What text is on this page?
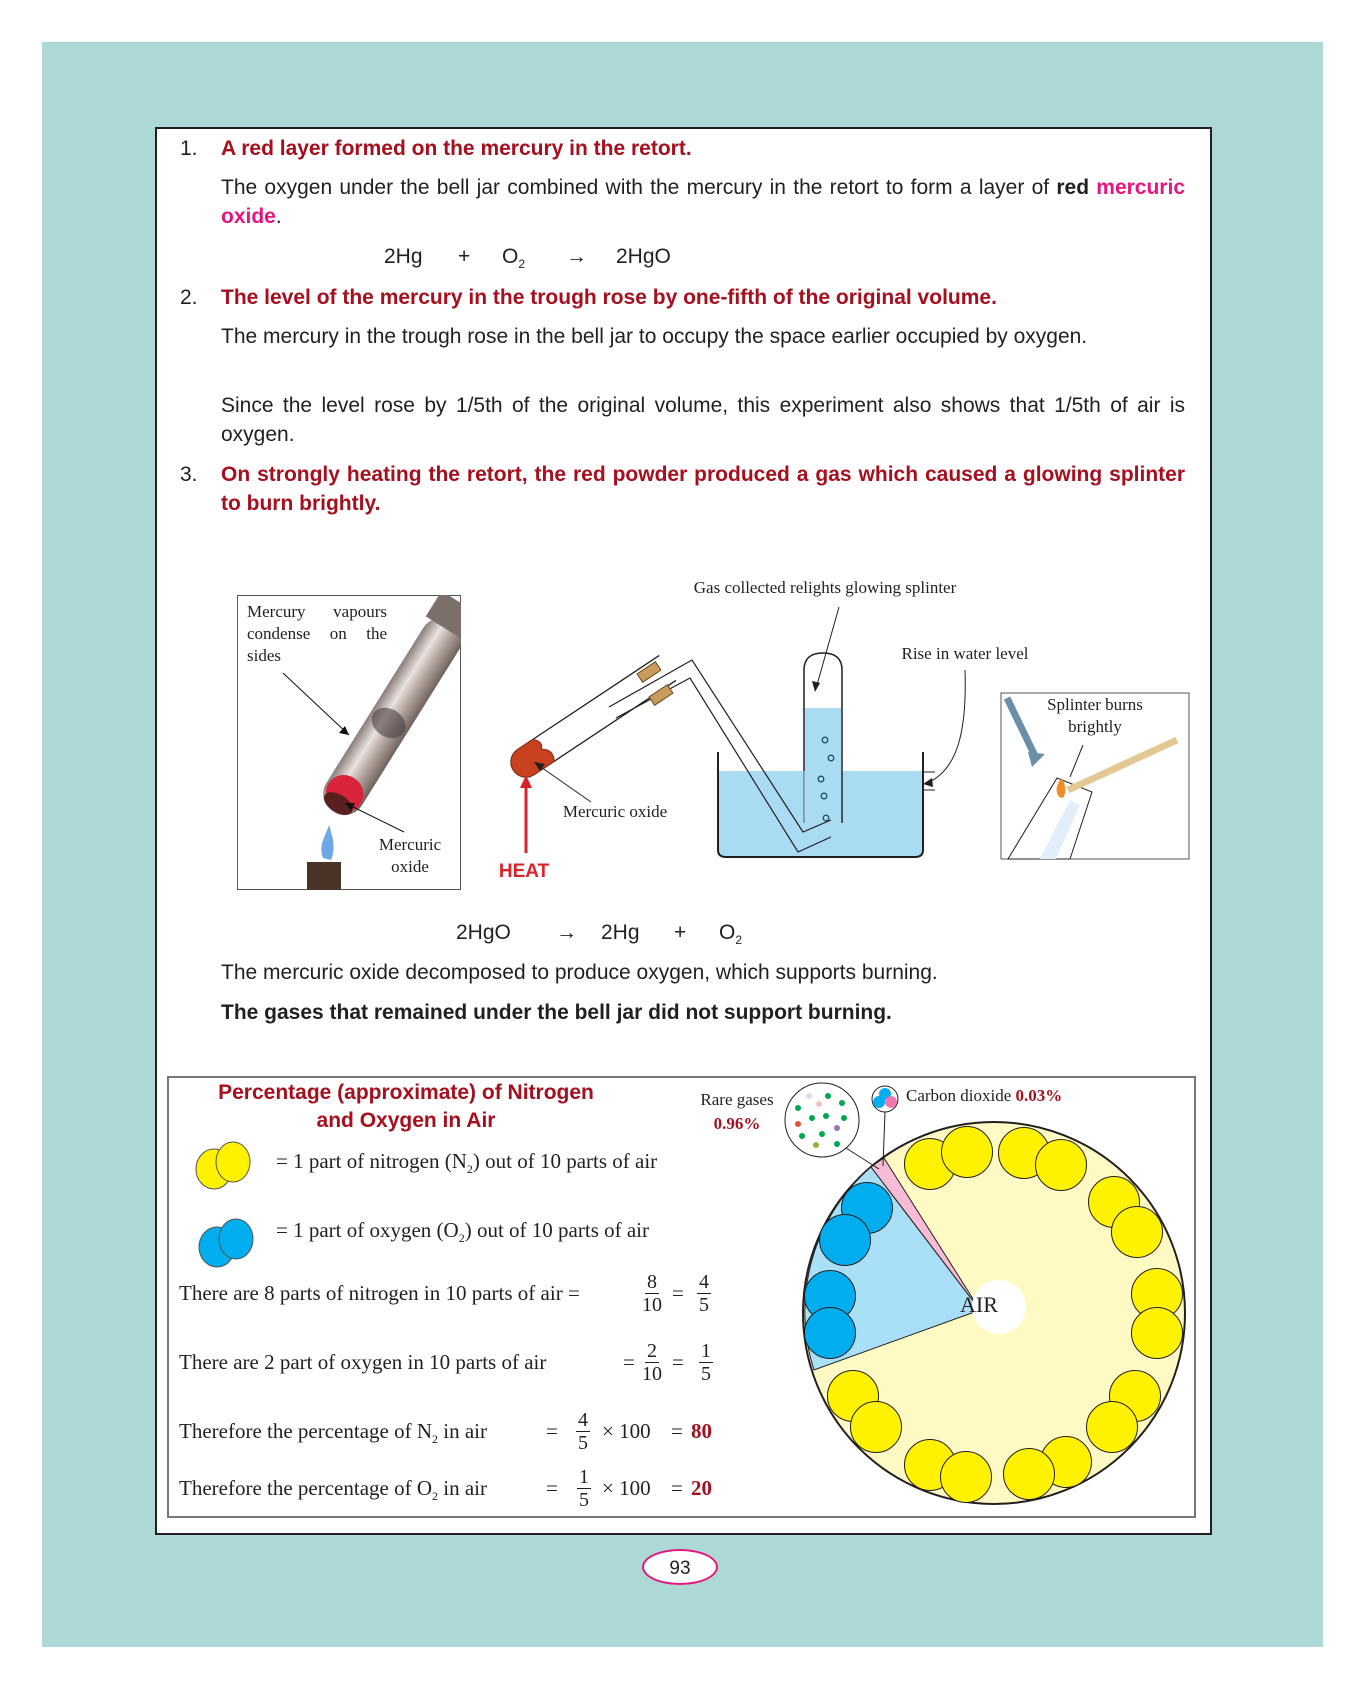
1. A red layer formed on the mercury in the retort.
The oxygen under the bell jar combined with the mercury in the retort to form a layer of red mercuric oxide.
$2Hg + O_2 \to 2HgO$
2. The level of the mercury in the trough rose by one-fifth of the original volume.
The mercury in the trough rose in the bell jar to occupy the space earlier occupied by oxygen.
Since the level rose by 1/5th of the original volume, this experiment also shows that 1/5th of air is oxygen.
3. On strongly heating the retort, the red powder produced a gas which caused a glowing splinter to burn brightly.
Mercury vapours
condense on the
sides
Mercuric
oxide
Gas collected relights glowing splinter
Rise in water level
Mercuric oxide
HEAT
Splinter burns
brightly
$2HgO \to 2Hg + O_2$
The mercuric oxide decomposed to produce oxygen, which supports burning.
The gases that remained under the bell jar did not support burning.
Percentage (approximate) of Nitrogen
and Oxygen in Air
= 1 part of nitrogen $(N_2)$ out of 10 parts of air
= 1 part of oxygen $(O_2)$ out of 10 parts of air
There are 8 parts of nitrogen in 10 parts of air =	$\frac{8}{10} = \frac{4}{5}$
There are 2 part of oxygen in 10 parts of air	= $\frac{2}{10} = \frac{1}{5}$
Therefore the percentage of $N_2$ in air	= $\frac{4}{5} \times 100 = 80$
Therefore the percentage of $O_2$ in air	= $\frac{1}{5} \times 100 = 20$
AIR
Rare gases
0.96%
Carbon dioxide 0.03%
93
